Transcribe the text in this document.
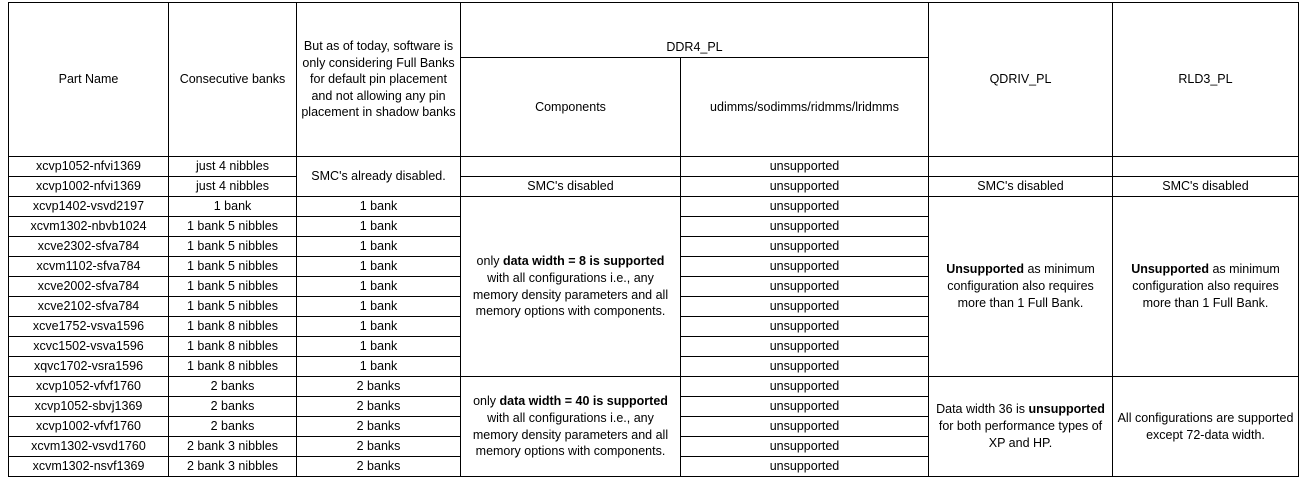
Part Name	Consecutive banks	But as of today, software is only considering Full Banks for default pin placement and not allowing any pin placement in shadow banks	DDR4_PL		QDRIV_PL	RLD3_PL
			Components	udimms/sodimms/ridmms/lridmms		
xcvp1052-nfvi1369	just 4 nibbles	SMC's already disabled.		unsupported		
xcvp1002-nfvi1369	just 4 nibbles		SMC's disabled	unsupported	SMC's disabled	SMC's disabled
xcvp1402-vsvd2197	1 bank	1 bank	only data width = 8 is supported with all configurations i.e., any memory density parameters and all memory options with components.	unsupported	Unsupported as minimum configuration also requires more than 1 Full Bank.	Unsupported as minimum configuration also requires more than 1 Full Bank.
xcvm1302-nbvb1024	1 bank 5 nibbles	1 bank		unsupported		
xcve2302-sfva784	1 bank 5 nibbles	1 bank		unsupported		
xcvm1102-sfva784	1 bank 5 nibbles	1 bank		unsupported		
xcve2002-sfva784	1 bank 5 nibbles	1 bank		unsupported		
xcve2102-sfva784	1 bank 5 nibbles	1 bank		unsupported		
xcve1752-vsva1596	1 bank 8 nibbles	1 bank		unsupported		
xcvc1502-vsva1596	1 bank 8 nibbles	1 bank		unsupported		
xqvc1702-vsra1596	1 bank 8 nibbles	1 bank		unsupported		
xcvp1052-vfvf1760	2 banks	2 banks	only data width = 40 is supported with all configurations i.e., any memory density parameters and all memory options with components.	unsupported	Data width 36 is unsupported for both performance types of XP and HP.	All configurations are supported except 72-data width.
xcvp1052-sbvj1369	2 banks	2 banks		unsupported		
xcvp1002-vfvf1760	2 banks	2 banks		unsupported		
xcvm1302-vsvd1760	2 bank 3 nibbles	2 banks		unsupported		
xcvm1302-nsvf1369	2 bank 3 nibbles	2 banks		unsupported		
